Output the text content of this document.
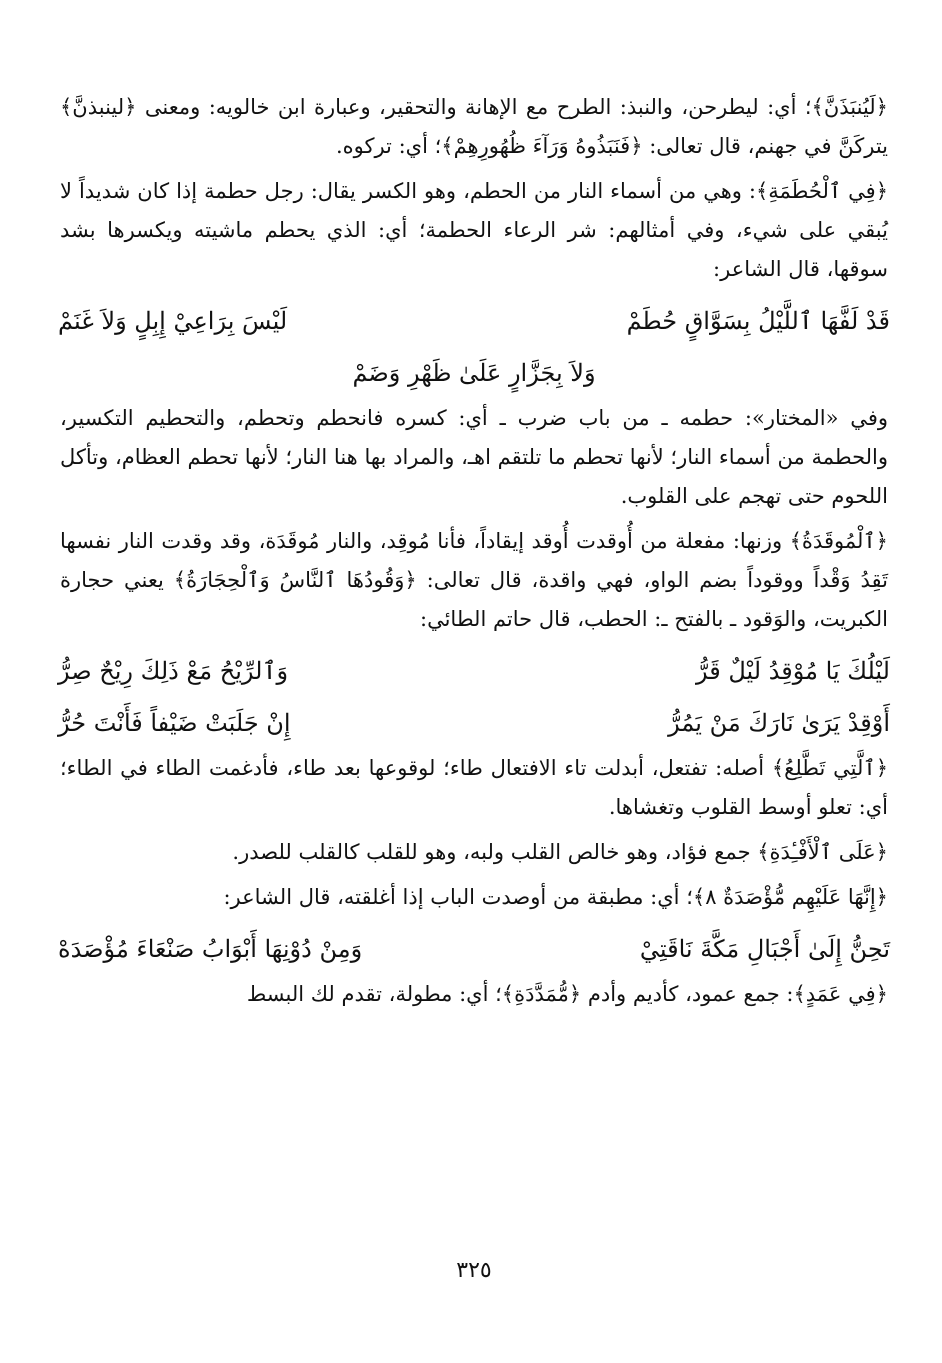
﴿لَيُنبَذَنَّ﴾؛ أي: ليطرحن، والنبذ: الطرح مع الإهانة والتحقير، وعبارة ابن خالويه: ومعنى ﴿لينبذنَّ﴾ يتركَنَّ في جهنم، قال تعالى: ﴿فَنَبَذُوهُ وَرَآءَ ظُهُورِهِمْ﴾؛ أي: تركوه.

﴿فِي ٱلْحُطَمَةِ﴾: وهي من أسماء النار من الحطم، وهو الكسر يقال: رجل حطمة إذا كان شديداً لا يُبقي على شيء، وفي أمثالهم: شر الرعاء الحطمة؛ أي: الذي يحطم ماشيته ويكسرها بشد سوقها، قال الشاعر:

قَدْ لَفَّهَا ٱللَّيْلُ بِسَوَّاقٍ حُطَمْ
لَيْسَ بِرَاعِيْ إِبِلٍ وَلاَ غَنَمْ
وَلاَ بِجَزَّارٍ عَلَىٰ ظَهْرِ وَضَمْ

وفي «المختار»: حطمه ـ من باب ضرب ـ أي: كسره فانحطم وتحطم، والتحطيم التكسير، والحطمة من أسماء النار؛ لأنها تحطم ما تلتقم اهـ، والمراد بها هنا النار؛ لأنها تحطم العظام، وتأكل اللحوم حتى تهجم على القلوب.

﴿ٱلْمُوقَدَةُ﴾ وزنها: مفعلة من أُوقدت أُوقد إيقاداً، فأنا مُوقِد، والنار مُوقَدَة، وقد وقدت النار نفسها تَقِدُ وَقْداً ووقوداً بضم الواو، فهي واقدة، قال تعالى: ﴿وَقُودُهَا ٱلنَّاسُ وَٱلْحِجَارَةُ﴾ يعني حجارة الكبريت، والوَقود ـ بالفتح ـ: الحطب، قال حاتم الطائي:

لَيْلُكَ يَا مُوْقِدُ لَيْلٌ قَرُّ
وَٱلرِّيْحُ مَعْ ذَلِكَ رِيْحٌ صِرُّ
أَوْقِدْ يَرَىٰ نَارَكَ مَنْ يَمُرُّ
إِنْ جَلَبَتْ ضَيْفاً فَأَنْتَ حُرُّ

﴿ٱلَّتِي تَطَّلِعُ﴾ أصله: تفتعل، أبدلت تاء الافتعال طاء؛ لوقوعها بعد طاء، فأدغمت الطاء في الطاء؛ أي: تعلو أوسط القلوب وتغشاها.

﴿عَلَى ٱلْأَفْـِٔدَةِ﴾ جمع فؤاد، وهو خالص القلب ولبه، وهو للقلب كالقلب للصدر.

﴿إِنَّهَا عَلَيْهِم مُّؤْصَدَةٌ ٨﴾؛ أي: مطبقة من أوصدت الباب إذا أغلقته، قال الشاعر:

تَحِنُّ إِلَىٰ أَجْبَالِ مَكَّةَ نَاقَتِيْ
وَمِنْ دُوْنِهَا أَبْوَابُ صَنْعَاءَ مُؤْصَدَهْ

﴿فِي عَمَدٍ﴾: جمع عمود، كأديم وأدم ﴿مُّمَدَّدَةِ﴾؛ أي: مطولة، تقدم لك البسط

٣٢٥
